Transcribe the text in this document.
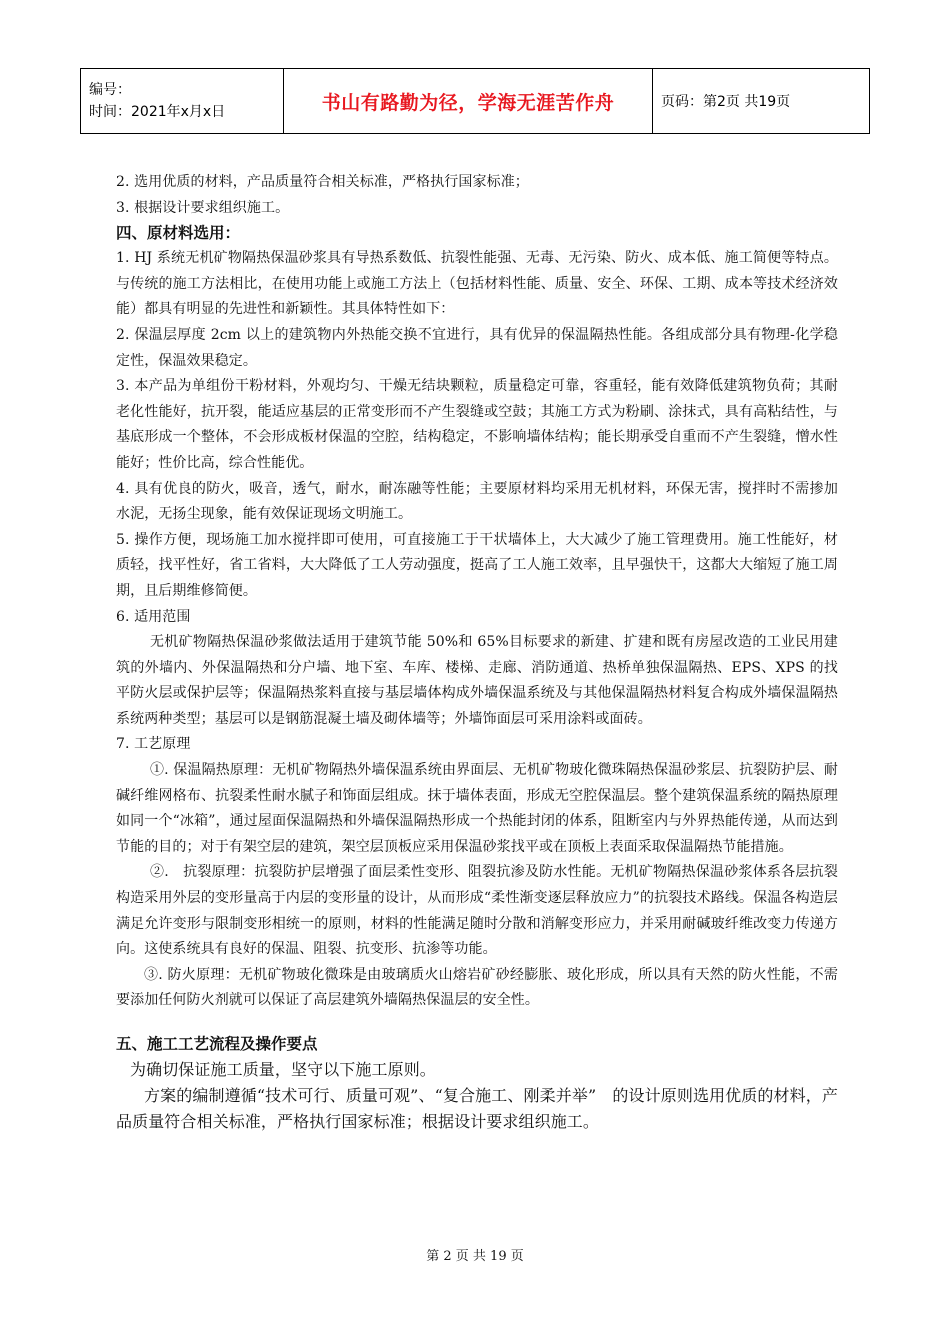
编号：
时间：2021年x月x日	书山有路勤为径，学海无涯苦作舟	页码：第2页 共19页

2. 选用优质的材料，产品质量符合相关标准，严格执行国家标准；

3. 根据设计要求组织施工。

四、原材料选用：

1. HJ 系统无机矿物隔热保温砂浆具有导热系数低、抗裂性能强、无毒、无污染、防火、成本低、施工简便等特点。与传统的施工方法相比，在使用功能上或施工方法上（包括材料性能、质量、安全、环保、工期、成本等技术经济效能）都具有明显的先进性和新颖性。其具体特性如下：

2. 保温层厚度 2cm 以上的建筑物内外热能交换不宜进行，具有优异的保温隔热性能。各组成部分具有物理-化学稳定性，保温效果稳定。

3. 本产品为单组份干粉材料，外观均匀、干燥无结块颗粒，质量稳定可靠，容重轻，能有效降低建筑物负荷；其耐老化性能好，抗开裂，能适应基层的正常变形而不产生裂缝或空鼓；其施工方式为粉刷、涂抹式，具有高粘结性，与基底形成一个整体，不会形成板材保温的空腔，结构稳定，不影响墙体结构；能长期承受自重而不产生裂缝，憎水性能好；性价比高，综合性能优。

4. 具有优良的防火，吸音，透气，耐水，耐冻融等性能；主要原材料均采用无机材料，环保无害，搅拌时不需掺加水泥，无扬尘现象，能有效保证现场文明施工。

5. 操作方便，现场施工加水搅拌即可使用，可直接施工于干状墙体上，大大减少了施工管理费用。施工性能好，材质轻，找平性好，省工省料，大大降低了工人劳动强度，挺高了工人施工效率，且早强快干，这都大大缩短了施工周期，且后期维修简便。

6. 适用范围

无机矿物隔热保温砂浆做法适用于建筑节能 50%和 65%目标要求的新建、扩建和既有房屋改造的工业民用建筑的外墙内、外保温隔热和分户墙、地下室、车库、楼梯、走廊、消防通道、热桥单独保温隔热、EPS、XPS 的找平防火层或保护层等；保温隔热浆料直接与基层墙体构成外墙保温系统及与其他保温隔热材料复合构成外墙保温隔热系统两种类型；基层可以是钢筋混凝土墙及砌体墙等；外墙饰面层可采用涂料或面砖。

7. 工艺原理

①. 保温隔热原理：无机矿物隔热外墙保温系统由界面层、无机矿物玻化微珠隔热保温砂浆层、抗裂防护层、耐碱纤维网格布、抗裂柔性耐水腻子和饰面层组成。抹于墙体表面，形成无空腔保温层。整个建筑保温系统的隔热原理如同一个“冰箱”，通过屋面保温隔热和外墙保温隔热形成一个热能封闭的体系，阻断室内与外界热能传递，从而达到节能的目的；对于有架空层的建筑，架空层顶板应采用保温砂浆找平或在顶板上表面采取保温隔热节能措施。

②.　抗裂原理：抗裂防护层增强了面层柔性变形、阻裂抗渗及防水性能。无机矿物隔热保温砂浆体系各层抗裂构造采用外层的变形量高于内层的变形量的设计，从而形成“柔性渐变逐层释放应力”的抗裂技术路线。保温各构造层满足允许变形与限制变形相统一的原则，材料的性能满足随时分散和消解变形应力，并采用耐碱玻纤维改变力传递方向。这使系统具有良好的保温、阻裂、抗变形、抗渗等功能。

③. 防火原理：无机矿物玻化微珠是由玻璃质火山熔岩矿砂经膨胀、玻化形成，所以具有天然的防火性能，不需要添加任何防火剂就可以保证了高层建筑外墙隔热保温层的安全性。

五、施工工艺流程及操作要点

为确切保证施工质量，坚守以下施工原则。

方案的编制遵循“技术可行、质量可观”、“复合施工、刚柔并举”　的设计原则选用优质的材料，产品质量符合相关标准，严格执行国家标准；根据设计要求组织施工。

第 2 页 共 19 页
